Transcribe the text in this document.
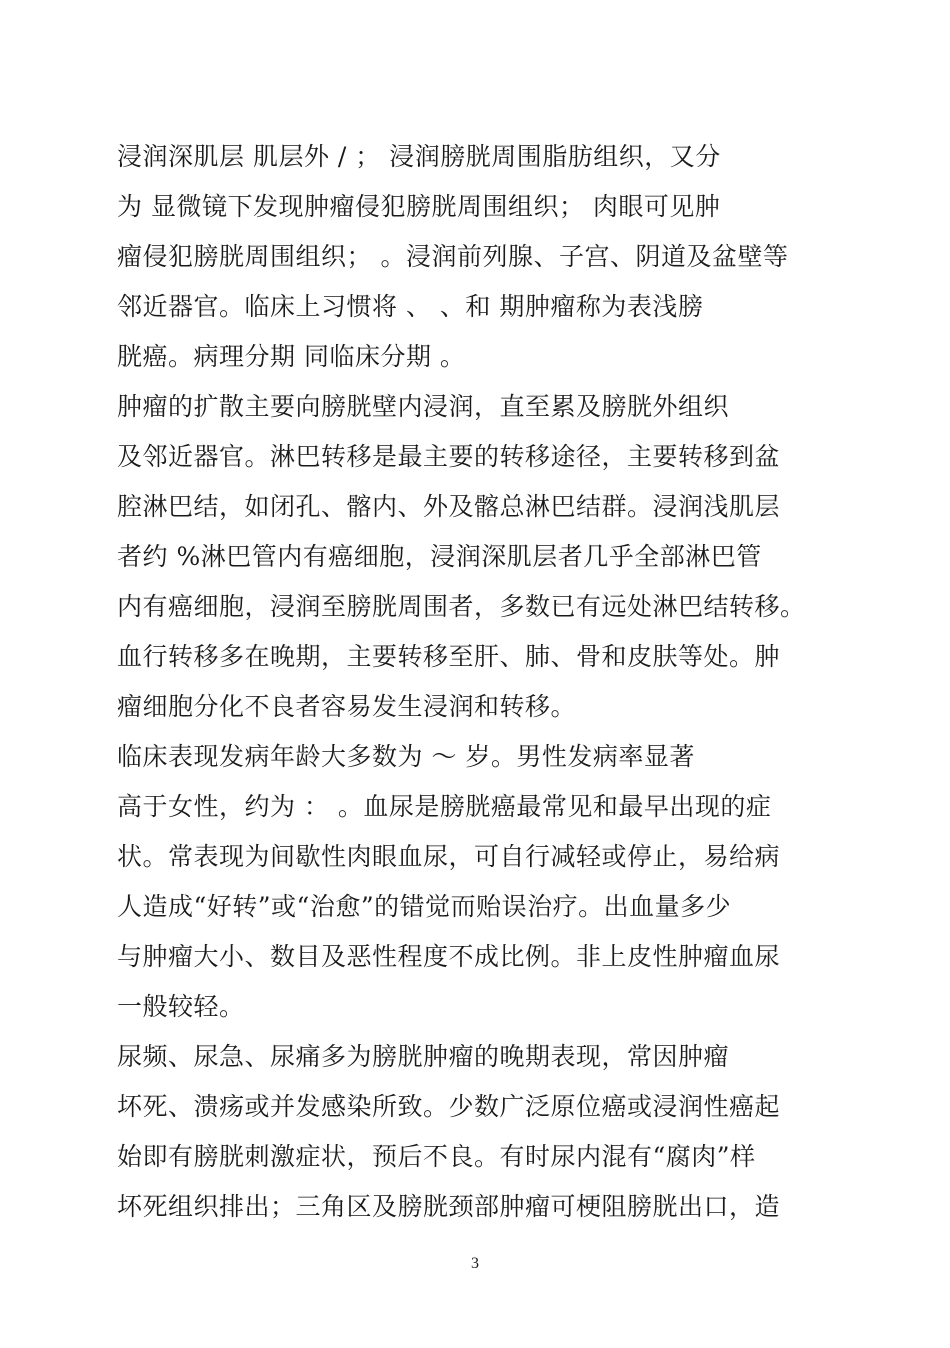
浸润深肌层 肌层外 / ； 浸润膀胱周围脂肪组织，又分
为 显微镜下发现肿瘤侵犯膀胱周围组织； 肉眼可见肿
瘤侵犯膀胱周围组织； 。浸润前列腺、子宫、阴道及盆壁等
邻近器官。临床上习惯将 、 、和 期肿瘤称为表浅膀
胱癌。病理分期 同临床分期 。
肿瘤的扩散主要向膀胱壁内浸润，直至累及膀胱外组织
及邻近器官。淋巴转移是最主要的转移途径，主要转移到盆
腔淋巴结，如闭孔、髂内、外及髂总淋巴结群。浸润浅肌层
者约 %淋巴管内有癌细胞，浸润深肌层者几乎全部淋巴管
内有癌细胞，浸润至膀胱周围者，多数已有远处淋巴结转移。
血行转移多在晚期，主要转移至肝、肺、骨和皮肤等处。肿
瘤细胞分化不良者容易发生浸润和转移。
临床表现发病年龄大多数为 ～ 岁。男性发病率显著
高于女性，约为 ： 。血尿是膀胱癌最常见和最早出现的症
状。常表现为间歇性肉眼血尿，可自行减轻或停止，易给病
人造成“好转”或“治愈”的错觉而贻误治疗。出血量多少
与肿瘤大小、数目及恶性程度不成比例。非上皮性肿瘤血尿
一般较轻。
尿频、尿急、尿痛多为膀胱肿瘤的晚期表现，常因肿瘤
坏死、溃疡或并发感染所致。少数广泛原位癌或浸润性癌起
始即有膀胱刺激症状，预后不良。有时尿内混有“腐肉”样
坏死组织排出；三角区及膀胱颈部肿瘤可梗阻膀胱出口，造
3
